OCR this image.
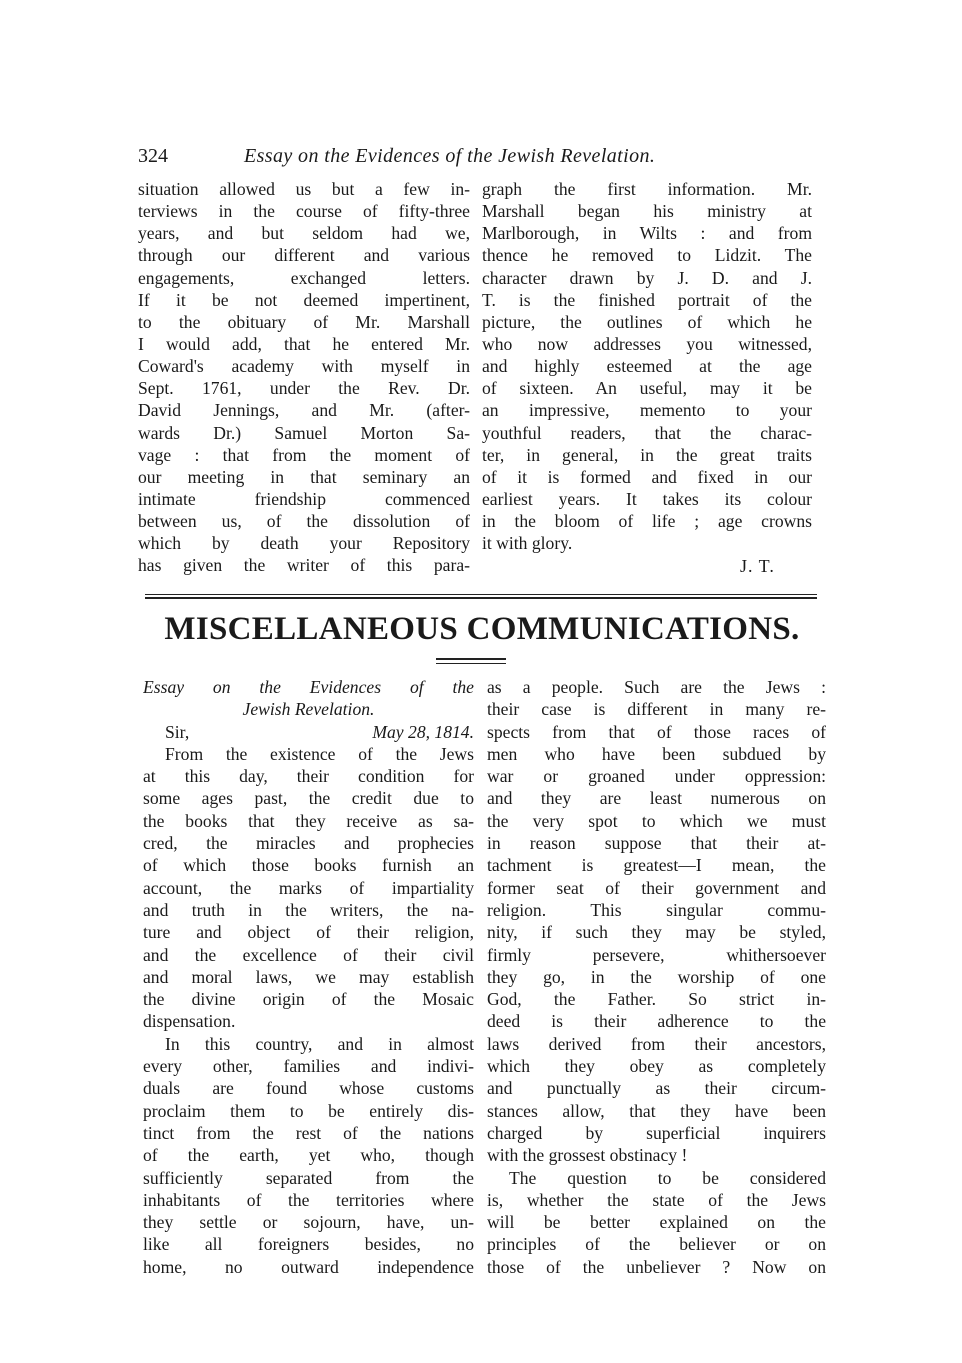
324	Essay on the Evidences of the Jewish Revelation.

situation allowed us but a few in-

terviews in the course of fifty-three

years, and but seldom had we,

through our different and various

engagements, exchanged letters.

If it be not deemed impertinent,

to the obituary of Mr. Marshall

I would add, that he entered Mr.

Coward's academy with myself in

Sept. 1761, under the Rev. Dr.

David Jennings, and Mr. (after-

wards Dr.) Samuel Morton Sa-

vage : that from the moment of

our meeting in that seminary an

intimate friendship commenced

between us, of the dissolution of

which by death your Repository

has given the writer of this para-

graph the first information. Mr.

Marshall began his ministry at

Marlborough, in Wilts : and from

thence he removed to Lidzit. The

character drawn by J. D. and J.

T. is the finished portrait of the

picture, the outlines of which he

who now addresses you witnessed,

and highly esteemed at the age

of sixteen. An useful, may it be

an impressive, memento to your

youthful readers, that the charac-

ter, in general, in the great traits

of it is formed and fixed in our

earliest years. It takes its colour

in the bloom of life ; age crowns

it with glory.

J. T.
MISCELLANEOUS COMMUNICATIONS.

Essay on the Evidences of the

Jewish Revelation.

Sir,	May 28, 1814.

From the existence of the Jews

at this day, their condition for

some ages past, the credit due to

the books that they receive as sa-

cred, the miracles and prophecies

of which those books furnish an

account, the marks of impartiality

and truth in the writers, the na-

ture and object of their religion,

and the excellence of their civil

and moral laws, we may establish

the divine origin of the Mosaic

dispensation.

In this country, and in almost

every other, families and indivi-

duals are found whose customs

proclaim them to be entirely dis-

tinct from the rest of the nations

of the earth, yet who, though

sufficiently separated from the

inhabitants of the territories where

they settle or sojourn, have, un-

like all foreigners besides, no

home, no outward independence

as a people. Such are the Jews :

their case is different in many re-

spects from that of those races of

men who have been subdued by

war or groaned under oppression:

and they are least numerous on

the very spot to which we must

in reason suppose that their at-

tachment is greatest—I mean, the

former seat of their government and

religion. This singular commu-

nity, if such they may be styled,

firmly persevere, whithersoever

they go, in the worship of one

God, the Father. So strict in-

deed is their adherence to the

laws derived from their ancestors,

which they obey as completely

and punctually as their circum-

stances allow, that they have been

charged by superficial inquirers

with the grossest obstinacy !

The question to be considered

is, whether the state of the Jews

will be better explained on the

principles of the believer or on

those of the unbeliever ? Now on
